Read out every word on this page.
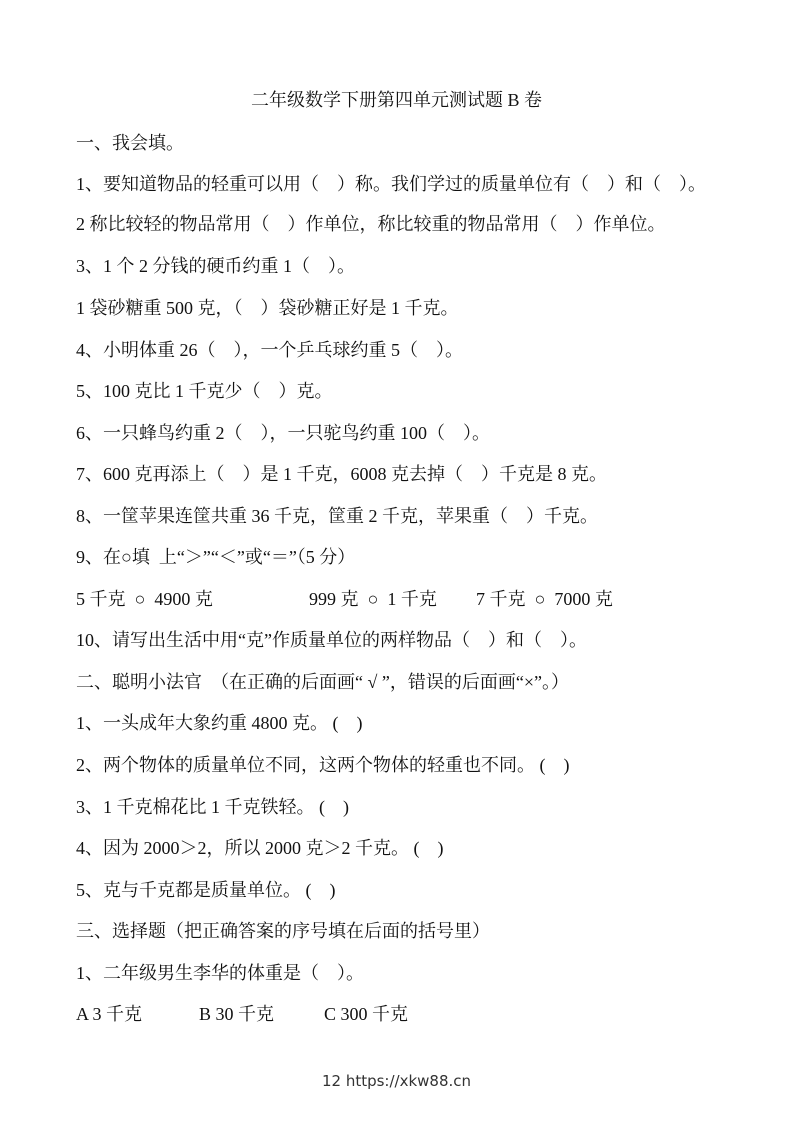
二年级数学下册第四单元测试题 B 卷
一、我会填。
1、要知道物品的轻重可以用（    ）称。我们学过的质量单位有（    ）和（    ）。
2 称比较轻的物品常用（    ）作单位，称比较重的物品常用（    ）作单位。
3、1 个 2 分钱的硬币约重 1（    ）。
1 袋砂糖重 500 克，（    ）袋砂糖正好是 1 千克。
4、小明体重 26（    ），一个乒乓球约重 5（    ）。
5、100 克比 1 千克少（    ）克。
6、一只蜂鸟约重 2（    ），一只驼鸟约重 100（    ）。
7、600 克再添上（    ）是 1 千克，6008 克去掉（    ）千克是 8 克。
8、一筐苹果连筐共重 36 千克，筐重 2 千克，苹果重（    ）千克。
9、在○填  上“＞”“＜”或“＝”（5 分）

5 千克  ○  4900 克

	999 克  ○  1 千克

7 千克  ○  7000 克

10、请写出生活中用“克”作质量单位的两样物品（    ）和（    ）。
二、聪明小法官  （在正确的后面画“ √ ”，错误的后面画“×”。）
1、一头成年大象约重 4800 克。 (    )
2、两个物体的质量单位不同，这两个物体的轻重也不同。 (    )
3、1 千克棉花比 1 千克铁轻。 (    )
4、因为 2000＞2，所以 2000 克＞2 千克。 (    )
5、克与千克都是质量单位。 (    )
三、选择题（把正确答案的序号填在后面的括号里）
1、二年级男生李华的体重是（    ）。

A 3 千克

	B 30 千克

	C 300 千克

12 https://xkw88.cn
